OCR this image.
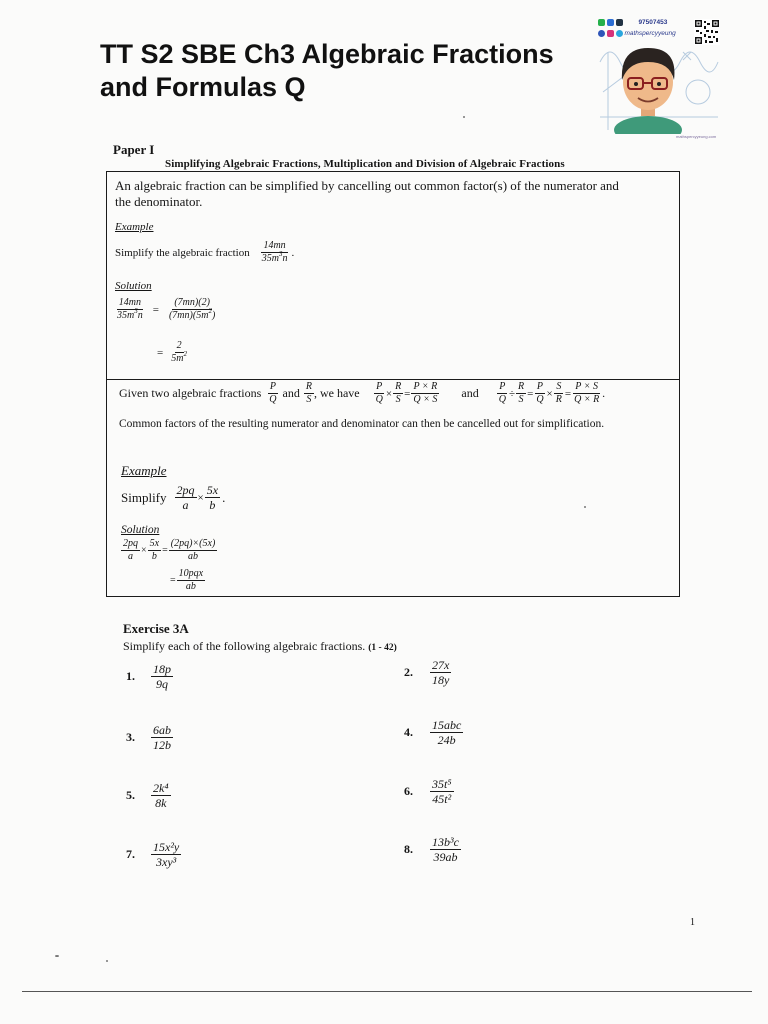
TT S2 SBE Ch3 Algebraic Fractions
and Formulas Q
97507453
mathspercyyeung
mathspercyyeung.com
Paper I
Simplifying Algebraic Fractions, Multiplication and Division of Algebraic Fractions
An algebraic fraction can be simplified by cancelling out common factor(s) of the numerator and
the denominator.
Example
Simplify the algebraic fraction $\frac{14mn}{35m^3n}$ .
Solution
$\frac{14mn}{35m^3n} = \frac{(7mn)(2)}{(7mn)(5m^2)}$
= $\frac{2}{5m^2}$
Given two algebraic fractions $\frac{P}{Q}$ and $\frac{R}{S}$ , we have $\frac{P}{Q} \times \frac{R}{S} = \frac{P \times R}{Q \times S}$ and $\frac{P}{Q} \div \frac{R}{S} = \frac{P}{Q} \times \frac{S}{R} = \frac{P \times S}{Q \times R}$ .
Common factors of the resulting numerator and denominator can then be cancelled out for simplification.
Example
Simplify $\frac{2pq}{a} \times \frac{5x}{b}$ .
Solution
$\frac{2pq}{a} \times \frac{5x}{b} = \frac{(2pq)\times(5x)}{ab}$
= $\frac{\text{10pqx}}{ab}$
Exercise 3A
Simplify each of the following algebraic fractions. (1 - 42)
1.	$\frac{18p}{9q}$	2.	$\frac{27x}{18y}$
3.	$\frac{6ab}{12b}$	4.	$\frac{\text{15abc}}{24b}$
5.	$\frac{\text{2k⁴}}{8k}$	6.	$\frac{\text{35t⁵}}{\text{45t²}}$
7.	$\frac{\text{15x²y}}{\text{3xy³}}$	8.	$\frac{\text{13b³c}}{39ab}$
1
